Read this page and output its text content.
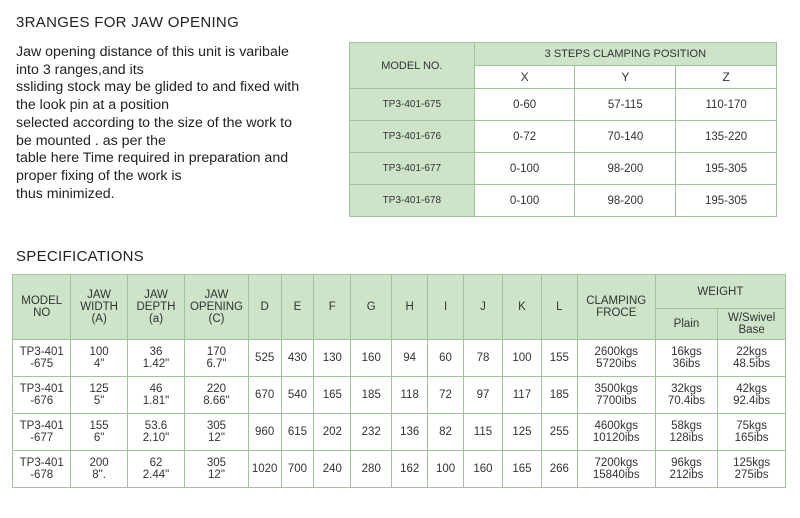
3RANGES FOR JAW OPENING
Jaw opening distance of this unit is varibale
into 3 ranges,and its
ssliding stock may be glided to and fixed with
the look pin at a position
selected according to the size of the work to
be mounted . as per the
table here Time required in preparation and
proper fixing of the work is
thus minimized.
MODEL NO.	3 STEPS CLAMPING POSITION		
	X	Y	Z
TP3-401-675	0-60	57-115	110-170
TP3-401-676	0-72	70-140	135-220
TP3-401-677	0-100	98-200	195-305
TP3-401-678	0-100	98-200	195-305
SPECIFICATIONS
MODEL
NO	JAW
WIDTH
(A)	JAW
DEPTH
(a)	JAW
OPENING
(C)	D	E	F	G	H	I	J	K	L	CLAMPING
FROCE	WEIGHT	
														Plain	W/Swivel
Base

TP3-401
-675	100
4"	36
1.42"	170
6.7"	525	430	130	160	94	60	78	100	155	2600kgs
5720ibs	16kgs
36ibs	22kgs
48.5ibs

TP3-401
-676	125
5"	46
1.81"	220
8.66"	670	540	165	185	118	72	97	117	185	3500kgs
7700ibs	32kgs
70.4ibs	42kgs
92.4ibs

TP3-401
-677	155
6"	53.6
2.10"	305
12"	960	615	202	232	136	82	115	125	255	4600kgs
10120ibs	58kgs
128ibs	75kgs
165ibs

TP3-401
-678	200
8".	62
2.44"	305
12"	1020	700	240	280	162	100	160	165	266	7200kgs
15840ibs	96kgs
212ibs	125kgs
275ibs
